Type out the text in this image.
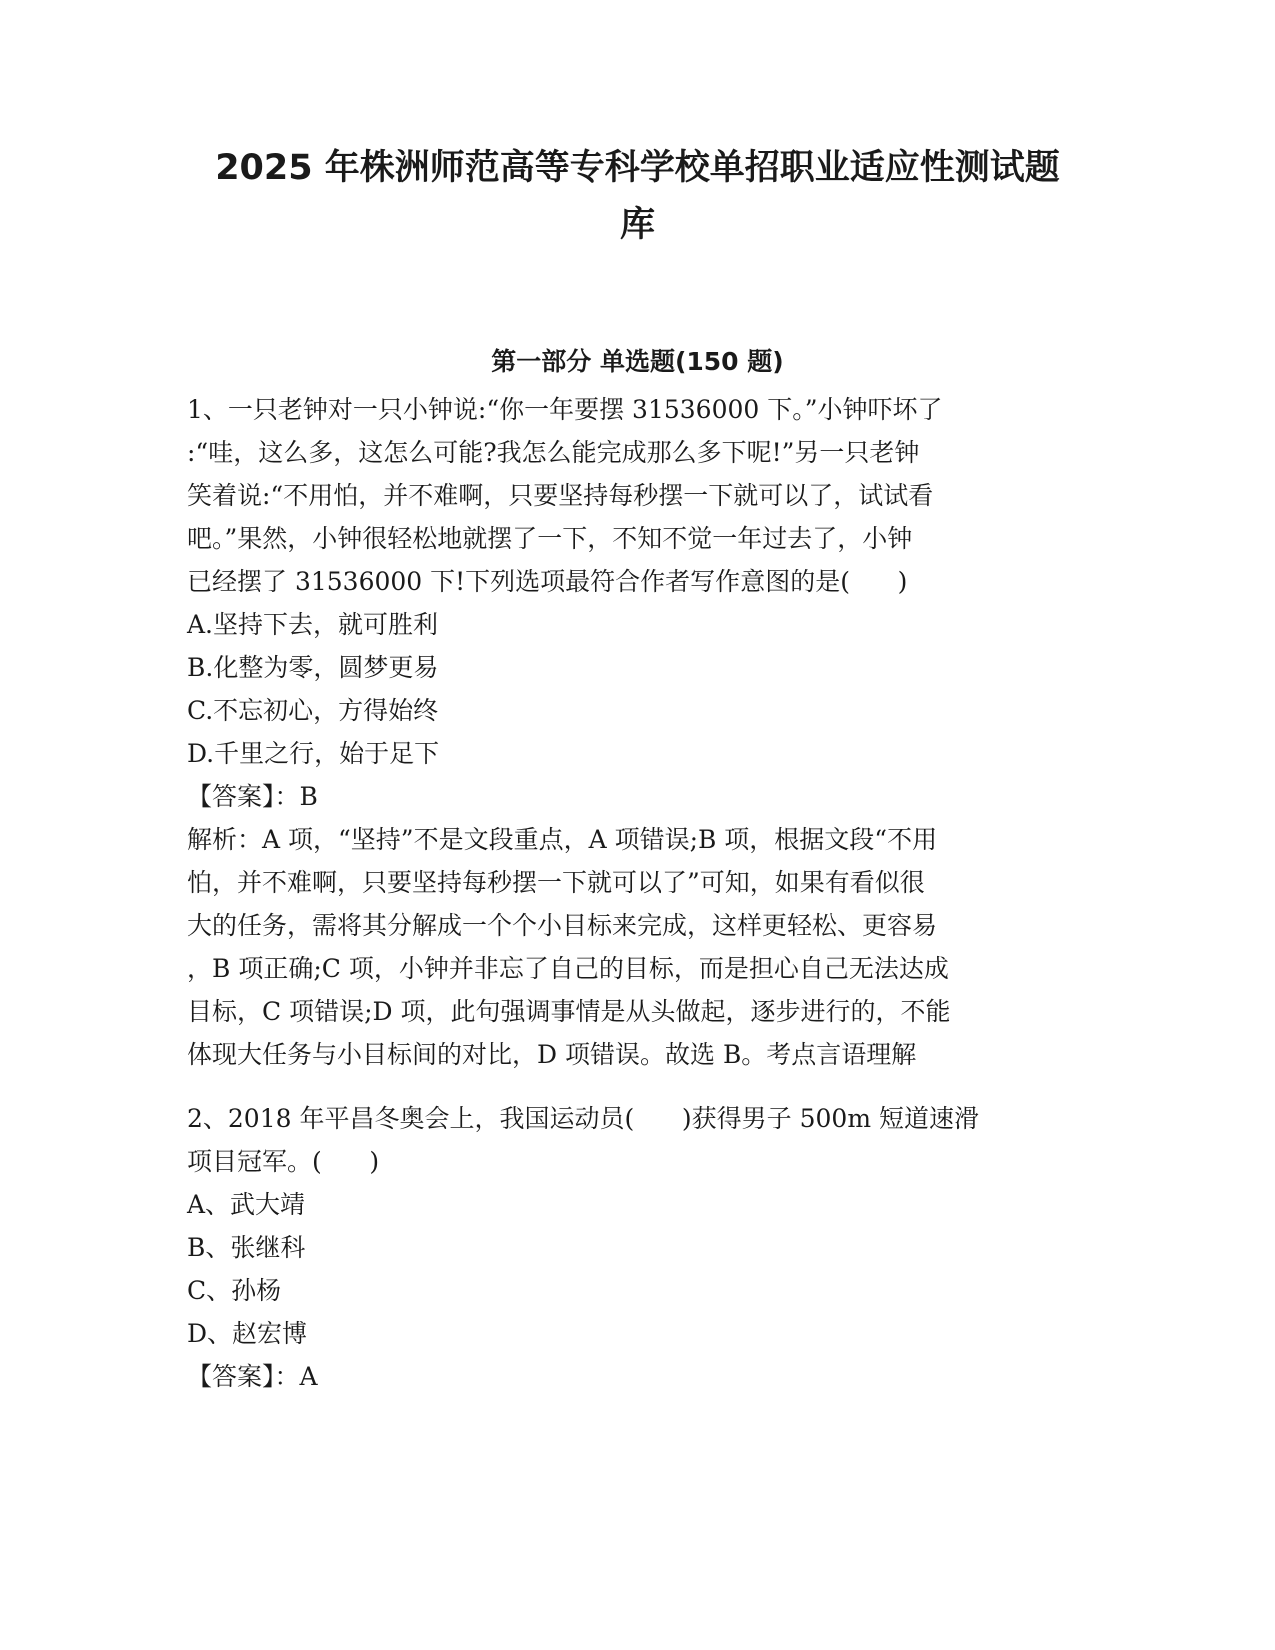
2025 年株洲师范高等专科学校单招职业适应性测试题
库
第一部分 单选题(150 题)
1、一只老钟对一只小钟说:“你一年要摆 31536000 下。”小钟吓坏了
:“哇，这么多，这怎么可能?我怎么能完成那么多下呢!”另一只老钟
笑着说:“不用怕，并不难啊，只要坚持每秒摆一下就可以了，试试看
吧。”果然，小钟很轻松地就摆了一下，不知不觉一年过去了，小钟
已经摆了 31536000 下!下列选项最符合作者写作意图的是(      )
A.坚持下去，就可胜利
B.化整为零，圆梦更易
C.不忘初心，方得始终
D.千里之行，始于足下
【答案】：B
解析：A 项，“坚持”不是文段重点，A 项错误;B 项，根据文段“不用
怕，并不难啊，只要坚持每秒摆一下就可以了”可知，如果有看似很
大的任务，需将其分解成一个个小目标来完成，这样更轻松、更容易
，B 项正确;C 项，小钟并非忘了自己的目标，而是担心自己无法达成
目标，C 项错误;D 项，此句强调事情是从头做起，逐步进行的，不能
体现大任务与小目标间的对比，D 项错误。故选 B。考点言语理解
2、2018 年平昌冬奥会上，我国运动员(      )获得男子 500m 短道速滑
项目冠军。(      )
A、武大靖
B、张继科
C、孙杨
D、赵宏博
【答案】：A
